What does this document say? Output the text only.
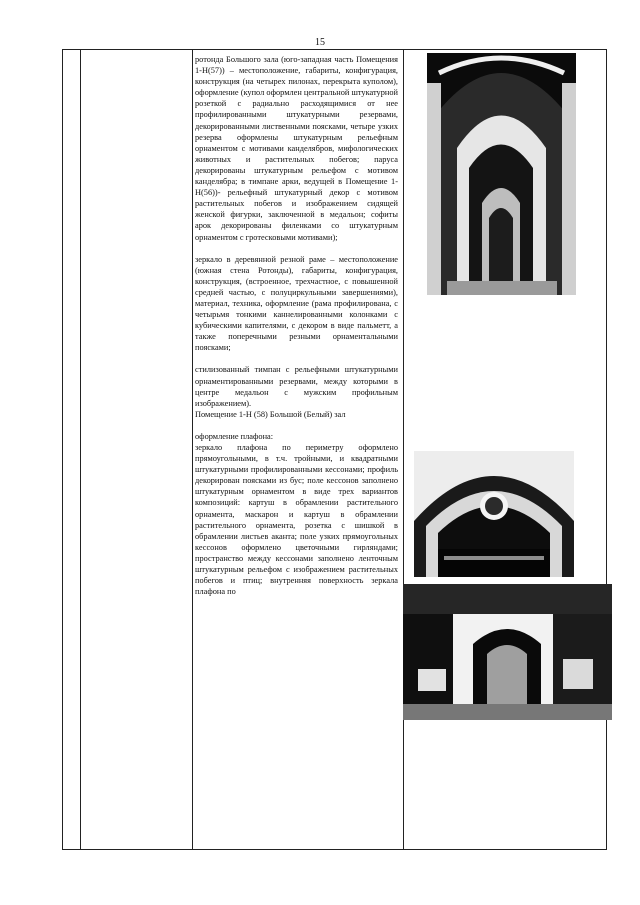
15

ротонда Большого зала (юго-западная часть Помещения 1-Н(57)) – местоположение, габариты, конфигурация, конструкция (на четырех пилонах, перекрыта куполом), оформление (купол оформлен центральной штукатурной розеткой с радиально расходящимися от нее профилированными штукатурными резервами, декорированными лиственными поясками, четыре узких резерва оформлены штукатурным рельефным орнаментом с мотивами канделябров, мифологических животных и растительных побегов; паруса декорированы штукатурным рельефом с мотивом канделябра; в тимпане арки, ведущей в Помещение 1-Н(56))- рельефный штукатурный декор с мотивом растительных побегов и изображением сидящей женской фигурки, заключенной в медальон; софиты арок декорированы филенками со штукатурным орнаментом с гротесковыми мотивами);

зеркало в деревянной резной раме – местоположение (южная стена Ротонды), габариты, конфигурация, конструкция, (встроенное, трехчастное, с повышенной средней частью, с полуциркульными завершениями), материал, техника, оформление (рама профилирована, с четырьмя тонкими каннелированными колонками с кубическими капителями, с декором в виде пальметт, а также поперечными резными орнаментальными поясками;

стилизованный тимпан с рельефными штукатурными орнаментированными резервами, между которыми в центре медальон с мужским профильным изображением).

Помещение 1-Н (58) Большой (Белый) зал

оформление плафона:

зеркало плафона по периметру оформлено прямоугольными, в т.ч. тройными, и квадратными штукатурными профилированными кессонами; профиль декорирован поясками из бус; поле кессонов заполнено штукатурным орнаментом в виде трех вариантов композиций: картуш в обрамлении растительного орнамента, маскарон и картуш в обрамлении растительного орнамента, розетка с шишкой в обрамлении листьев аканта; поле узких прямоугольных кессонов оформлено цветочными гирляндами; пространство между кессонами заполнено ленточным штукатурным рельефом с изображением растительных побегов и птиц; внутренняя поверхность зеркала плафона по
